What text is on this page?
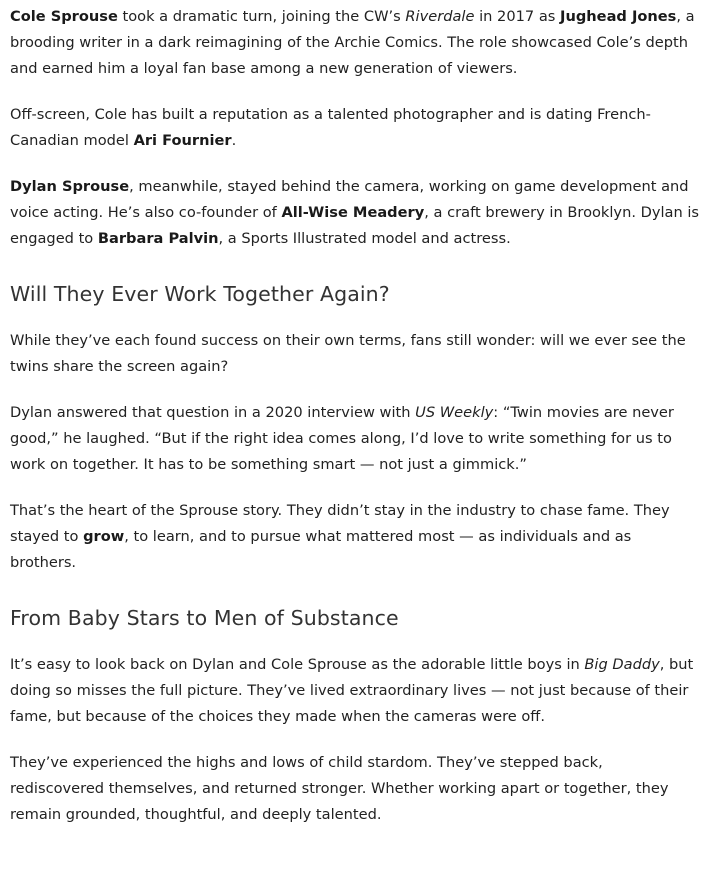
Cole Sprouse took a dramatic turn, joining the CW’s Riverdale in 2017 as Jughead Jones, a brooding writer in a dark reimagining of the Archie Comics. The role showcased Cole’s depth and earned him a loyal fan base among a new generation of viewers.

Off-screen, Cole has built a reputation as a talented photographer and is dating French-Canadian model Ari Fournier.

Dylan Sprouse, meanwhile, stayed behind the camera, working on game development and voice acting. He’s also co-founder of All-Wise Meadery, a craft brewery in Brooklyn. Dylan is engaged to Barbara Palvin, a Sports Illustrated model and actress.

Will They Ever Work Together Again?

While they’ve each found success on their own terms, fans still wonder: will we ever see the twins share the screen again?

Dylan answered that question in a 2020 interview with US Weekly: “Twin movies are never good,” he laughed. “But if the right idea comes along, I’d love to write something for us to work on together. It has to be something smart — not just a gimmick.”

That’s the heart of the Sprouse story. They didn’t stay in the industry to chase fame. They stayed to grow, to learn, and to pursue what mattered most — as individuals and as brothers.

From Baby Stars to Men of Substance

It’s easy to look back on Dylan and Cole Sprouse as the adorable little boys in Big Daddy, but doing so misses the full picture. They’ve lived extraordinary lives — not just because of their fame, but because of the choices they made when the cameras were off.

They’ve experienced the highs and lows of child stardom. They’ve stepped back, rediscovered themselves, and returned stronger. Whether working apart or together, they remain grounded, thoughtful, and deeply talented.
